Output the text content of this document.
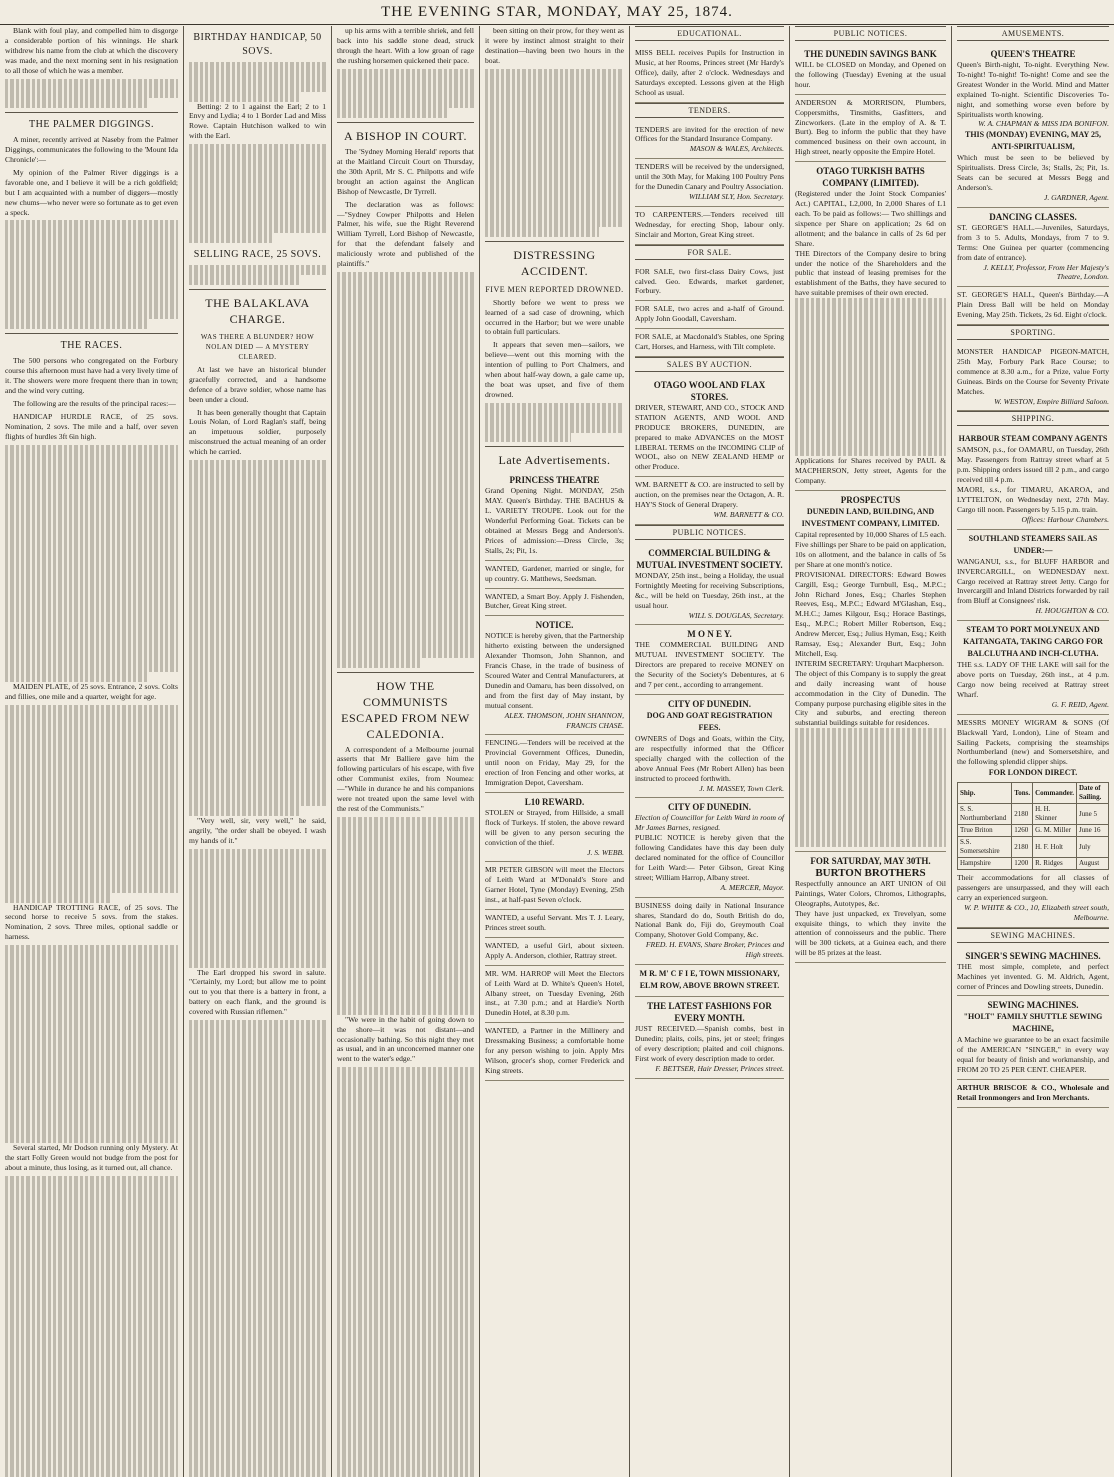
THE EVENING STAR, MONDAY, MAY 25, 1874.

Blank with foul play, and compelled him to disgorge a considerable portion of his winnings. He shark withdrew his name from the club at which the discovery was made, and the next morning sent in his resignation to all those of which he was a member.

THE PALMER DIGGINGS.

A miner, recently arrived at Naseby from the Palmer Diggings, communicates the following to the 'Mount Ida Chronicle':—

My opinion of the Palmer River diggings is a favorable one, and I believe it will be a rich goldfield; but I am acquainted with a number of diggers—mostly new chums—who never were so fortunate as to get even a speck.

THE RACES.

The 500 persons who congregated on the Forbury course this afternoon must have had a very lively time of it. The showers were more frequent there than in town; and the wind very cutting.

The following are the results of the principal races:—

HANDICAP HURDLE RACE, of 25 sovs. Nomination, 2 sovs. The mile and a half, over seven flights of hurdles 3ft 6in high.

MAIDEN PLATE, of 25 sovs. Entrance, 2 sovs. Colts and fillies, one mile and a quarter, weight for age.

HANDICAP TROTTING RACE, of 25 sovs. The second horse to receive 5 sovs. from the stakes. Nomination, 2 sovs. Three miles, optional saddle or harness.

Several started, Mr Dodson running only Mystery. At the start Folly Green would not budge from the post for about a minute, thus losing, as it turned out, all chance.

BIRTHDAY HANDICAP, 50 SOVS.

Betting: 2 to 1 against the Earl; 2 to 1 Envy and Lydia; 4 to 1 Border Lad and Miss Rowe. Captain Hutchison walked to win with the Earl.

SELLING RACE, 25 SOVS.
THE BALAKLAVA CHARGE.
WAS THERE A BLUNDER? HOW NOLAN DIED — A MYSTERY CLEARED.

At last we have an historical blunder gracefully corrected, and a handsome defence of a brave soldier, whose name has been under a cloud.

It has been generally thought that Captain Louis Nolan, of Lord Raglan's staff, being an impetuous soldier, purposely misconstrued the actual meaning of an order which he carried.

"Very well, sir, very well," he said, angrily, "the order shall be obeyed. I wash my hands of it."

The Earl dropped his sword in salute. "Certainly, my Lord; but allow me to point out to you that there is a battery in front, a battery on each flank, and the ground is covered with Russian riflemen."

up his arms with a terrible shriek, and fell back into his saddle stone dead, struck through the heart. With a low groan of rage the rushing horsemen quickened their pace.

A BISHOP IN COURT.

The 'Sydney Morning Herald' reports that at the Maitland Circuit Court on Thursday, the 30th April, Mr S. C. Philpotts and wife brought an action against the Anglican Bishop of Newcastle, Dr Tyrrell.

The declaration was as follows:—"Sydney Cowper Philpotts and Helen Palmer, his wife, sue the Right Reverend William Tyrrell, Lord Bishop of Newcastle, for that the defendant falsely and maliciously wrote and published of the plaintiffs."

HOW THE COMMUNISTS ESCAPED FROM NEW CALEDONIA.

A correspondent of a Melbourne journal asserts that Mr Balliere gave him the following particulars of his escape, with five other Communist exiles, from Noumea:—"While in durance he and his companions were not treated upon the same level with the rest of the Communists."

"We were in the habit of going down to the shore—it was not distant—and occasionally bathing. So this night they met as usual, and in an unconcerned manner one went to the water's edge."

been sitting on their prow, for they went as it were by instinct almost straight to their destination—having been two hours in the boat.

DISTRESSING ACCIDENT.
FIVE MEN REPORTED DROWNED.

Shortly before we went to press we learned of a sad case of drowning, which occurred in the Harbor; but we were unable to obtain full particulars.

It appears that seven men—sailors, we believe—went out this morning with the intention of pulling to Port Chalmers, and when about half-way down, a gale came up, the boat was upset, and five of them drowned.

Late Advertisements.
PRINCESS THEATRE
Grand Opening Night. MONDAY, 25th MAY. Queen's Birthday. THE BACHUS & L. VARIETY TROUPE. Look out for the Wonderful Performing Goat. Tickets can be obtained at Messrs Begg and Anderson's. Prices of admission:—Dress Circle, 3s; Stalls, 2s; Pit, 1s.
WANTED, Gardener, married or single, for up country. G. Matthews, Seedsman.
WANTED, a Smart Boy. Apply J. Fishenden, Butcher, Great King street.
NOTICE.
NOTICE is hereby given, that the Partnership hitherto existing between the undersigned Alexander Thomson, John Shannon, and Francis Chase, in the trade of business of Scoured Water and Central Manufacturers, at Dunedin and Oamaru, has been dissolved, on and from the first day of May instant, by mutual consent.
ALEX. THOMSON, JOHN SHANNON, FRANCIS CHASE.
FENCING.—Tenders will be received at the Provincial Government Offices, Dunedin, until noon on Friday, May 29, for the erection of Iron Fencing and other works, at Immigration Depot, Caversham.
L10 REWARD.
STOLEN or Strayed, from Hillside, a small flock of Turkeys. If stolen, the above reward will be given to any person securing the conviction of the thief.
J. S. WEBB.
MR PETER GIBSON will meet the Electors of Leith Ward at M'Donald's Store and Garner Hotel, Tyne (Monday) Evening, 25th inst., at half-past Seven o'clock.
WANTED, a useful Servant. Mrs T. J. Leary, Princes street south.
WANTED, a useful Girl, about sixteen. Apply A. Anderson, clothier, Rattray street.
MR. WM. HARROP will Meet the Electors of Leith Ward at D. White's Queen's Hotel, Albany street, on Tuesday Evening, 26th inst., at 7.30 p.m.; and at Hardie's North Dunedin Hotel, at 8.30 p.m.
WANTED, a Partner in the Millinery and Dressmaking Business; a comfortable home for any person wishing to join. Apply Mrs Wilson, grocer's shop, corner Frederick and King streets.
EDUCATIONAL.
MISS BELL receives Pupils for Instruction in Music, at her Rooms, Princes street (Mr Hardy's Office), daily, after 2 o'clock. Wednesdays and Saturdays excepted. Lessons given at the High School as usual.
TENDERS.
TENDERS are invited for the erection of new Offices for the Standard Insurance Company.
MASON & WALES, Architects.
TENDERS will be received by the undersigned, until the 30th May, for Making 100 Poultry Pens for the Dunedin Canary and Poultry Association.
WILLIAM SLY, Hon. Secretary.
TO CARPENTERS.—Tenders received till Wednesday, for erecting Shop, labour only. Sinclair and Morton, Great King street.
FOR SALE.
FOR SALE, two first-class Dairy Cows, just calved. Geo. Edwards, market gardener, Forbury.
FOR SALE, two acres and a-half of Ground. Apply John Goodall, Caversham.
FOR SALE, at Macdonald's Stables, one Spring Cart, Horses, and Harness, with Tilt complete.
SALES BY AUCTION.
OTAGO WOOL AND FLAX STORES.
DRIVER, STEWART, AND CO., STOCK AND STATION AGENTS, AND WOOL AND PRODUCE BROKERS, DUNEDIN, are prepared to make ADVANCES on the MOST LIBERAL TERMS on the INCOMING CLIP of WOOL, also on NEW ZEALAND HEMP or other Produce.
WM. BARNETT & CO. are instructed to sell by auction, on the premises near the Octagon, A. R. HAY'S Stock of General Drapery.
WM. BARNETT & CO.
PUBLIC NOTICES.
COMMERCIAL BUILDING & MUTUAL INVESTMENT SOCIETY.
MONDAY, 25th inst., being a Holiday, the usual Fortnightly Meeting for receiving Subscriptions, &c., will be held on Tuesday, 26th inst., at the usual hour.
WILL S. DOUGLAS, Secretary.
M O N E Y.
THE COMMERCIAL BUILDING AND MUTUAL INVESTMENT SOCIETY. The Directors are prepared to receive MONEY on the Security of the Society's Debentures, at 6 and 7 per cent., according to arrangement.
CITY OF DUNEDIN.
DOG AND GOAT REGISTRATION FEES.
OWNERS of Dogs and Goats, within the City, are respectfully informed that the Officer specially charged with the collection of the above Annual Fees (Mr Robert Allen) has been instructed to proceed forthwith.
J. M. MASSEY, Town Clerk.
CITY OF DUNEDIN.
Election of Councillor for Leith Ward in room of Mr James Barnes, resigned.
PUBLIC NOTICE is hereby given that the following Candidates have this day been duly declared nominated for the office of Councillor for Leith Ward:— Peter Gibson, Great King street; William Harrop, Albany street.
A. MERCER, Mayor.
BUSINESS doing daily in National Insurance shares, Standard do do, South British do do, National Bank do, Fiji do, Greymouth Coal Company, Shotover Gold Company, &c.
FRED. H. EVANS, Share Broker, Princes and High streets.
M R. M' C F I E, TOWN MISSIONARY, ELM ROW, ABOVE BROWN STREET.
THE LATEST FASHIONS FOR EVERY MONTH.
JUST RECEIVED.—Spanish combs, best in Dunedin; plaits, coils, pins, jet or steel; fringes of every description; plaited and coil chignons. First work of every description made to order.
F. BETTSER, Hair Dresser, Princes street.
PUBLIC NOTICES.
THE DUNEDIN SAVINGS BANK
WILL be CLOSED on Monday, and Opened on the following (Tuesday) Evening at the usual hour.
ANDERSON & MORRISON, Plumbers, Coppersmiths, Tinsmiths, Gasfitters, and Zincworkers. (Late in the employ of A. & T. Burt). Beg to inform the public that they have commenced business on their own account, in High street, nearly opposite the Empire Hotel.
OTAGO TURKISH BATHS COMPANY (LIMITED).
(Registered under the Joint Stock Companies' Act.) CAPITAL, L2,000, In 2,000 Shares of L1 each. To be paid as follows:— Two shillings and sixpence per Share on application; 2s 6d on allotment; and the balance in calls of 2s 6d per Share.
THE Directors of the Company desire to bring under the notice of the Shareholders and the public that instead of leasing premises for the establishment of the Baths, they have secured to have suitable premises of their own erected.
Applications for Shares received by PAUL & MACPHERSON, Jetty street, Agents for the Company.
PROSPECTUS
DUNEDIN LAND, BUILDING, AND INVESTMENT COMPANY, LIMITED.
Capital represented by 10,000 Shares of L5 each. Five shillings per Share to be paid on application, 10s on allotment, and the balance in calls of 5s per Share at one month's notice.
PROVISIONAL DIRECTORS: Edward Bowes Cargill, Esq.; George Turnbull, Esq., M.P.C.; John Richard Jones, Esq.; Charles Stephen Reeves, Esq., M.P.C.; Edward M'Glashan, Esq., M.H.C.; James Kilgour, Esq.; Horace Bastings, Esq., M.P.C.; Robert Miller Robertson, Esq.; Andrew Mercer, Esq.; Julius Hyman, Esq.; Keith Ramsay, Esq.; Alexander Burt, Esq.; John Mitchell, Esq.
INTERIM SECRETARY: Urquhart Macpherson.
The object of this Company is to supply the great and daily increasing want of house accommodation in the City of Dunedin. The Company purpose purchasing eligible sites in the City and suburbs, and erecting thereon substantial buildings suitable for residences.
FOR SATURDAY, MAY 30TH.
BURTON BROTHERS
Respectfully announce an ART UNION of Oil Paintings, Water Colors, Chromos, Lithographs, Oleographs, Autotypes, &c.
They have just unpacked, ex Trevelyan, some exquisite things, to which they invite the attention of connoisseurs and the public. There will be 300 tickets, at a Guinea each, and there will be 85 prizes at the least.
AMUSEMENTS.
QUEEN'S THEATRE
Queen's Birth-night, To-night. Everything New. To-night! To-night! To-night! Come and see the Greatest Wonder in the World. Mind and Matter explained To-night. Scientific Discoveries To-night, and something worse even before by Spiritualists worth knowing.
W. A. CHAPMAN & MISS IDA BONIFON.
THIS (MONDAY) EVENING, MAY 25, ANTI-SPIRITUALISM,
Which must be seen to be believed by Spiritualists. Dress Circle, 3s; Stalls, 2s; Pit, 1s. Seats can be secured at Messrs Begg and Anderson's.
J. GARDNER, Agent.
DANCING CLASSES.
ST. GEORGE'S HALL.—Juveniles, Saturdays, from 3 to 5. Adults, Mondays, from 7 to 9. Terms: One Guinea per quarter (commencing from date of entrance).
J. KELLY, Professor, From Her Majesty's Theatre, London.
ST. GEORGE'S HALL, Queen's Birthday.—A Plain Dress Ball will be held on Monday Evening, May 25th. Tickets, 2s 6d. Eight o'clock.
SPORTING.
MONSTER HANDICAP PIGEON-MATCH, 25th May, Forbury Park Race Course; to commence at 8.30 a.m., for a Prize, value Forty Guineas. Birds on the Course for Seventy Private Matches.
W. WESTON, Empire Billiard Saloon.
SHIPPING.
HARBOUR STEAM COMPANY AGENTS
SAMSON, p.s., for OAMARU, on Tuesday, 26th May. Passengers from Rattray street wharf at 5 p.m. Shipping orders issued till 2 p.m., and cargo received till 4 p.m.
MAORI, s.s., for TIMARU, AKAROA, and LYTTELTON, on Wednesday next, 27th May. Cargo till noon. Passengers by 5.15 p.m. train.
Offices: Harbour Chambers.
SOUTHLAND STEAMERS SAIL AS UNDER:—
WANGANUI, s.s., for BLUFF HARBOR and INVERCARGILL, on WEDNESDAY next. Cargo received at Rattray street Jetty. Cargo for Invercargill and Inland Districts forwarded by rail from Bluff at Consignees' risk.
H. HOUGHTON & CO.
STEAM TO PORT MOLYNEUX AND KAITANGATA, TAKING CARGO FOR BALCLUTHA AND INCH-CLUTHA.
THE s.s. LADY OF THE LAKE will sail for the above ports on Tuesday, 26th inst., at 4 p.m. Cargo now being received at Rattray street Wharf.
G. F. REID, Agent.
MESSRS MONEY WIGRAM & SONS (Of Blackwall Yard, London), Line of Steam and Sailing Packets, comprising the steamships Northumberland (new) and Somersetshire, and the following splendid clipper ships.
FOR LONDON DIRECT.
Ship.	Tons.	Commander.	Date of Sailing.
S. S. Northumberland	2180	H. H. Skinner	June 5
True Briton	1260	G. M. Miller	June 16
S.S. Somersetshire	2180	H. F. Holt	July
Hampshire	1200	R. Ridges	August
Their accommodations for all classes of passengers are unsurpassed, and they will each carry an experienced surgeon.
W. P. WHITE & CO., 10, Elizabeth street south, Melbourne.
SEWING MACHINES.
SINGER'S SEWING MACHINES.
THE most simple, complete, and perfect Machines yet invented. G. M. Aldrich, Agent, corner of Princes and Dowling streets, Dunedin.
SEWING MACHINES.
"HOLT" FAMILY SHUTTLE SEWING MACHINE,
A Machine we guarantee to be an exact facsimile of the AMERICAN "SINGER," in every way equal for beauty of finish and workmanship, and FROM 20 TO 25 PER CENT. CHEAPER.
ARTHUR BRISCOE & CO., Wholesale and Retail Ironmongers and Iron Merchants.
